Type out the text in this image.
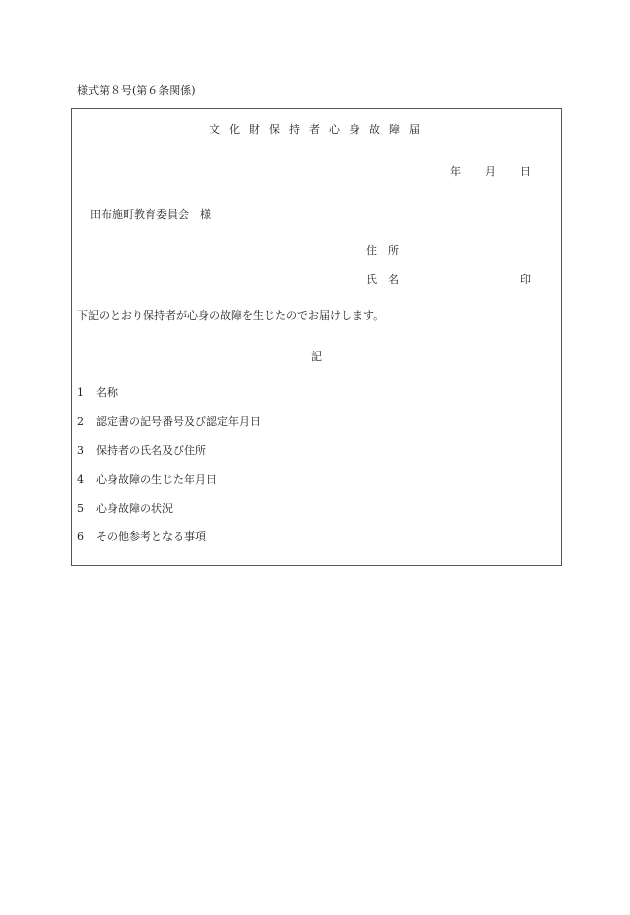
様式第８号(第６条関係)
文化財保持者心身故障届
年 月 日
田布施町教育委員会　様
住　所
氏　名	印
下記のとおり保持者が心身の故障を生じたのでお届けします。
記
1 名称
2 認定書の記号番号及び認定年月日
3 保持者の氏名及び住所
4 心身故障の生じた年月日
5 心身故障の状況
6 その他参考となる事項
